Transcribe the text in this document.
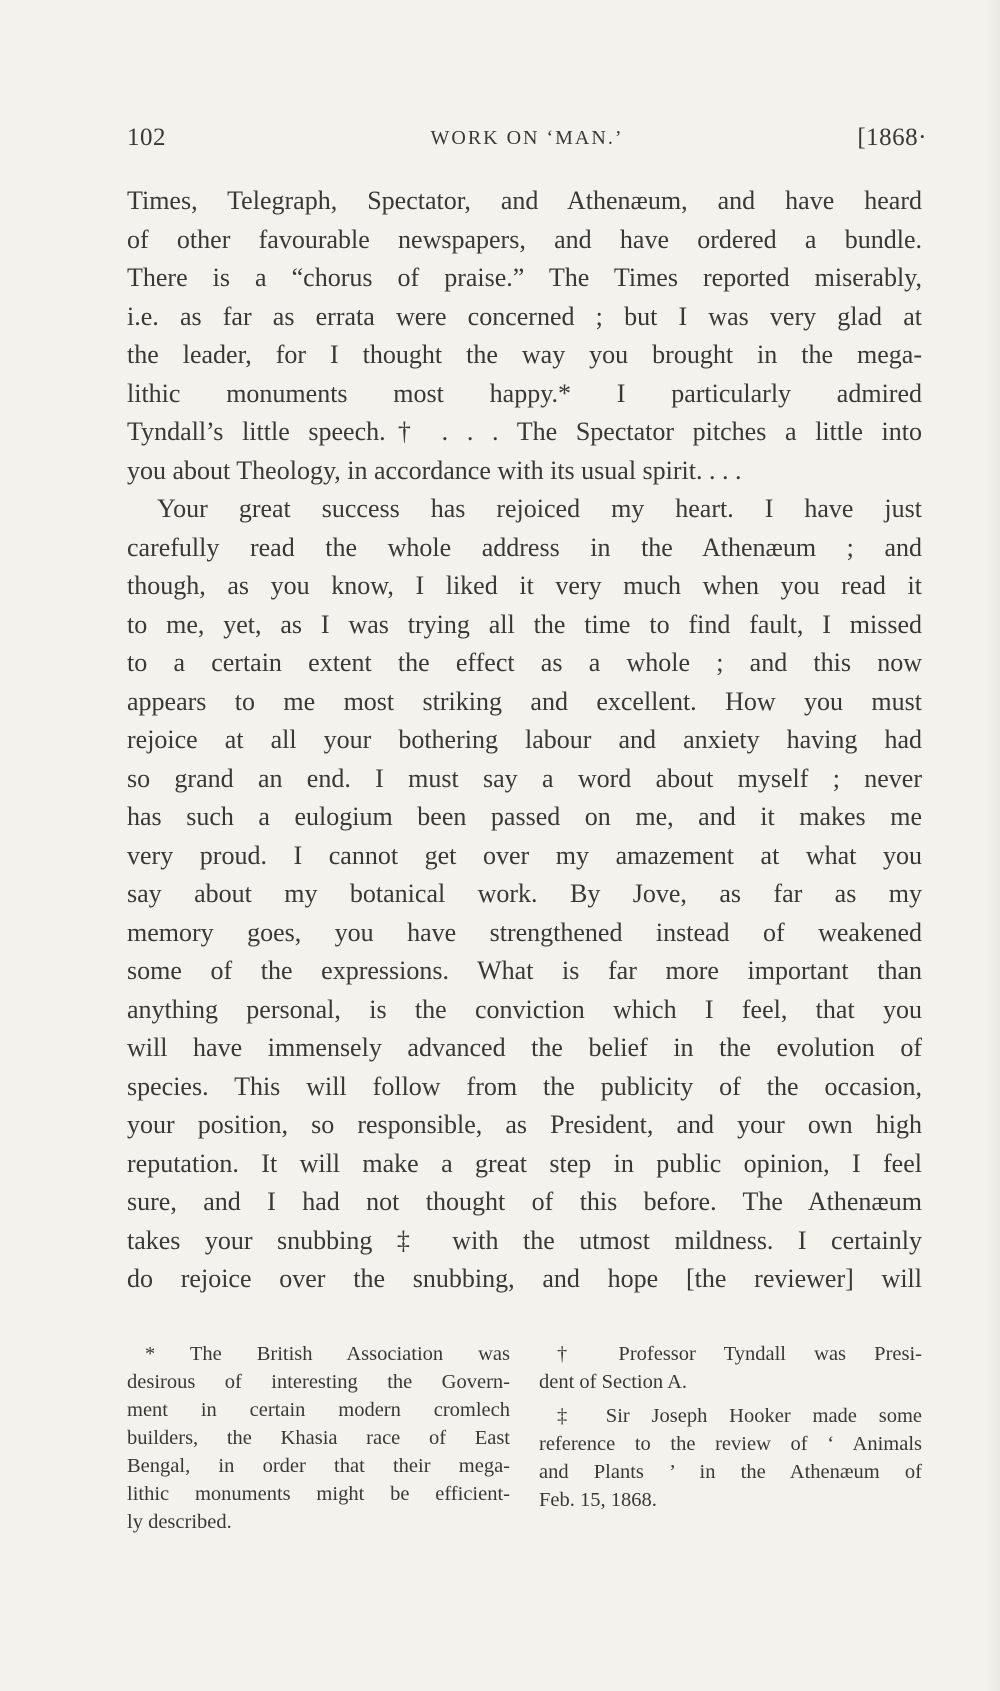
102	WORK ON ‘MAN.’	[1868·
Times, Telegraph, Spectator, and Athenæum, and have heard
of other favourable newspapers, and have ordered a bundle.
There is a “chorus of praise.” The Times reported miserably,
i.e. as far as errata were concerned ; but I was very glad at
the leader, for I thought the way you brought in the mega-
lithic monuments most happy.* I particularly admired
Tyndall’s little speech.† . . . The Spectator pitches a little into
you about Theology, in accordance with its usual spirit. . . .
Your great success has rejoiced my heart. I have just
carefully read the whole address in the Athenæum ; and
though, as you know, I liked it very much when you read it
to me, yet, as I was trying all the time to find fault, I missed
to a certain extent the effect as a whole ; and this now
appears to me most striking and excellent. How you must
rejoice at all your bothering labour and anxiety having had
so grand an end. I must say a word about myself ; never
has such a eulogium been passed on me, and it makes me
very proud. I cannot get over my amazement at what you
say about my botanical work. By Jove, as far as my
memory goes, you have strengthened instead of weakened
some of the expressions. What is far more important than
anything personal, is the conviction which I feel, that you
will have immensely advanced the belief in the evolution of
species. This will follow from the publicity of the occasion,
your position, so responsible, as President, and your own high
reputation. It will make a great step in public opinion, I feel
sure, and I had not thought of this before. The Athenæum
takes your snubbing ‡ with the utmost mildness. I certainly
do rejoice over the snubbing, and hope [the reviewer] will
* The British Association was
desirous of interesting the Govern-
ment in certain modern cromlech
builders, the Khasia race of East
Bengal, in order that their mega-
lithic monuments might be efficient-
ly described.
† Professor Tyndall was Presi-
dent of Section A.
‡ Sir Joseph Hooker made some
reference to the review of ‘ Animals
and Plants ’ in the Athenæum of
Feb. 15, 1868.
